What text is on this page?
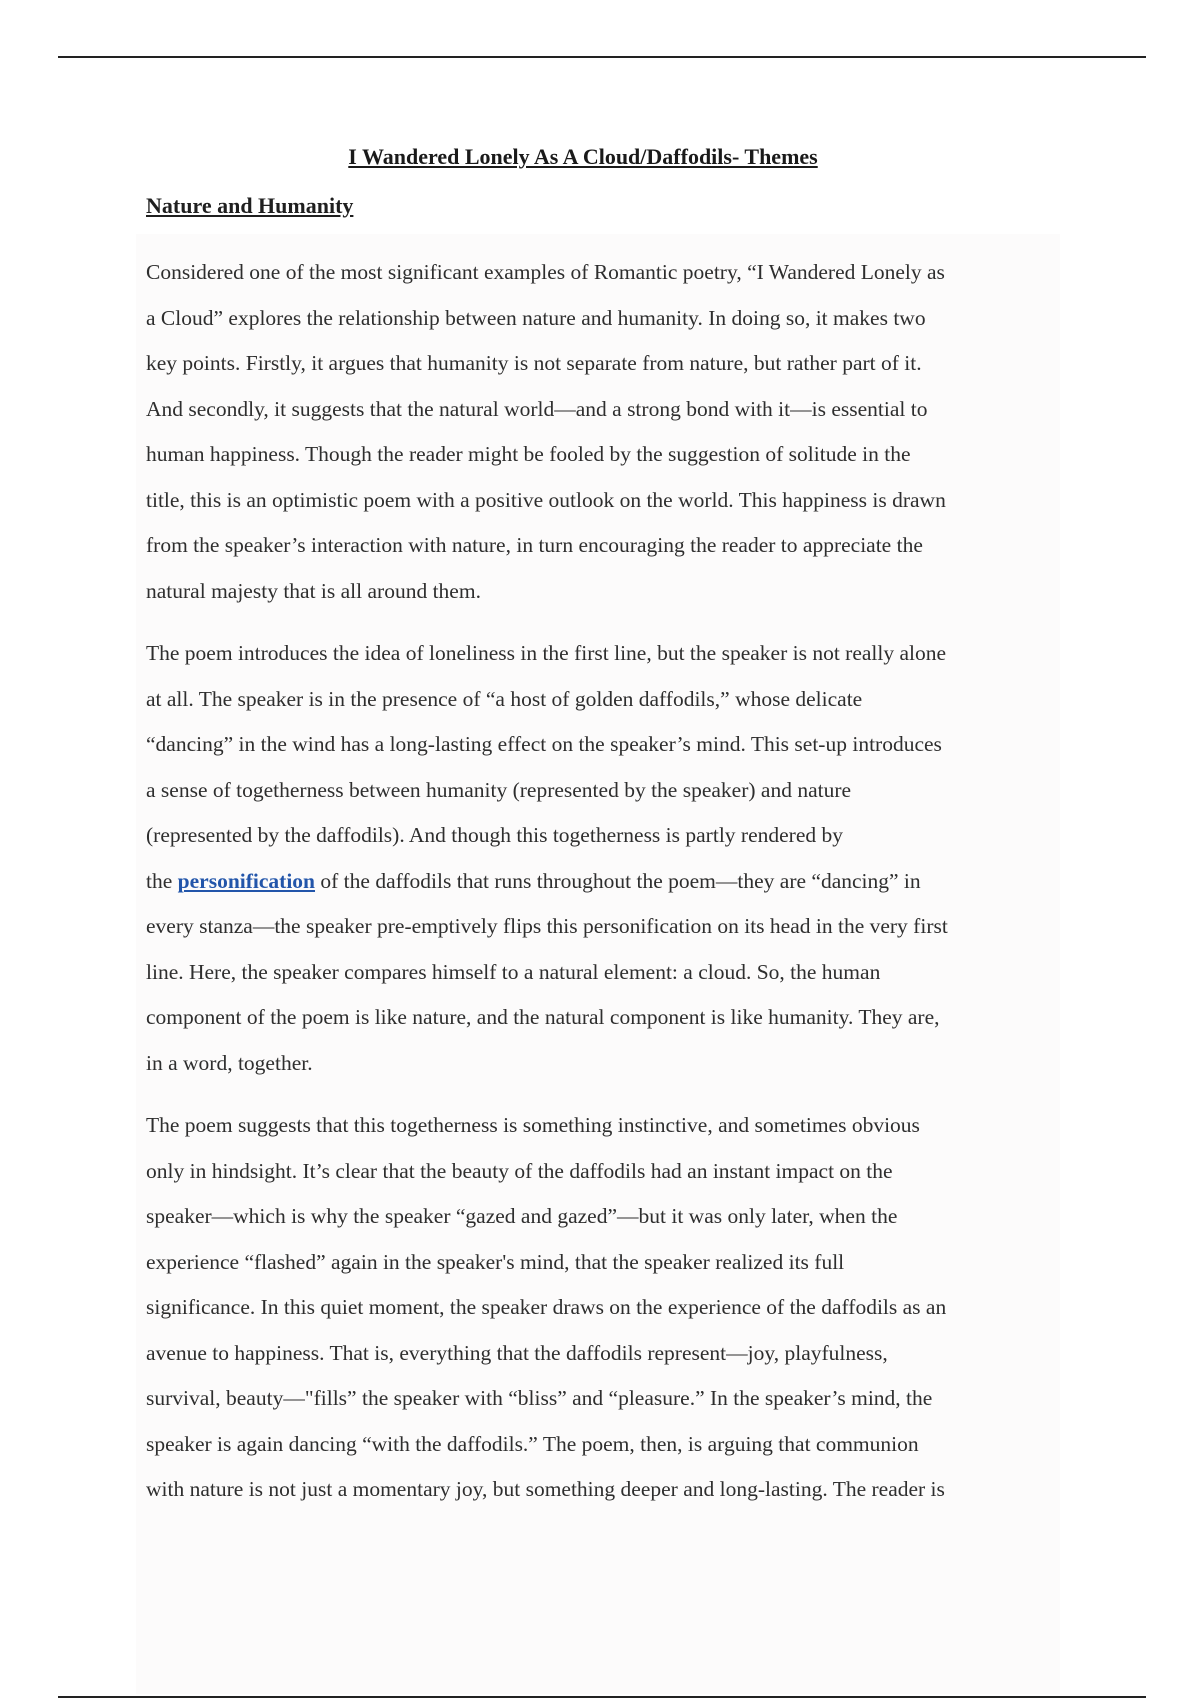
I Wandered Lonely As A Cloud/Daffodils- Themes
Nature and Humanity

Considered one of the most significant examples of Romantic poetry, “I Wandered Lonely as
a Cloud” explores the relationship between nature and humanity. In doing so, it makes two
key points. Firstly, it argues that humanity is not separate from nature, but rather part of it.
And secondly, it suggests that the natural world—and a strong bond with it—is essential to
human happiness. Though the reader might be fooled by the suggestion of solitude in the
title, this is an optimistic poem with a positive outlook on the world. This happiness is drawn
from the speaker’s interaction with nature, in turn encouraging the reader to appreciate the
natural majesty that is all around them.

The poem introduces the idea of loneliness in the first line, but the speaker is not really alone
at all. The speaker is in the presence of “a host of golden daffodils,” whose delicate
“dancing” in the wind has a long-lasting effect on the speaker’s mind. This set-up introduces
a sense of togetherness between humanity (represented by the speaker) and nature
(represented by the daffodils). And though this togetherness is partly rendered by
the personification of the daffodils that runs throughout the poem—they are “dancing” in
every stanza—the speaker pre-emptively flips this personification on its head in the very first
line. Here, the speaker compares himself to a natural element: a cloud. So, the human
component of the poem is like nature, and the natural component is like humanity. They are,
in a word, together.

The poem suggests that this togetherness is something instinctive, and sometimes obvious
only in hindsight. It’s clear that the beauty of the daffodils had an instant impact on the
speaker—which is why the speaker “gazed and gazed”—but it was only later, when the
experience “flashed” again in the speaker's mind, that the speaker realized its full
significance. In this quiet moment, the speaker draws on the experience of the daffodils as an
avenue to happiness. That is, everything that the daffodils represent—joy, playfulness,
survival, beauty—"fills” the speaker with “bliss” and “pleasure.” In the speaker’s mind, the
speaker is again dancing “with the daffodils.” The poem, then, is arguing that communion
with nature is not just a momentary joy, but something deeper and long-lasting. The reader is
